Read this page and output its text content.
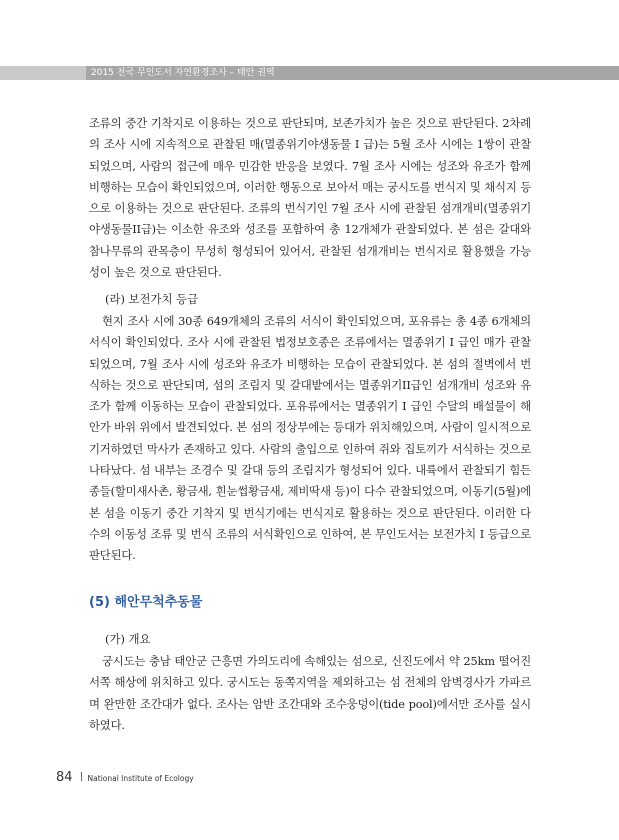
2015 전국 무인도서 자연환경조사 – 태안 권역

조류의 중간 기착지로 이용하는 것으로 판단되며, 보존가치가 높은 것으로 판단된다. 2차례의 조사 시에 지속적으로 관찰된 매(멸종위기야생동물 I 급)는 5월 조사 시에는 1쌍이 관찰되었으며, 사람의 접근에 매우 민감한 반응을 보였다. 7월 조사 시에는 성조와 유조가 함께 비행하는 모습이 확인되었으며, 이러한 행동으로 보아서 매는 궁시도를 번식지 및 채식지 등으로 이용하는 것으로 판단된다. 조류의 번식기인 7월 조사 시에 관찰된 섬개개비(멸종위기야생동물II급)는 이소한 유조와 성조를 포함하여 총 12개체가 관찰되었다. 본 섬은 갈대와 참나무류의 관목층이 무성히 형성되어 있어서, 관찰된 섬개개비는 번식지로 활용했을 가능성이 높은 것으로 판단된다.

(라) 보전가치 등급

현지 조사 시에 30종 649개체의 조류의 서식이 확인되었으며, 포유류는 총 4종 6개체의 서식이 확인되었다. 조사 시에 관찰된 법정보호종은 조류에서는 멸종위기 I 급인 매가 관찰되었으며, 7월 조사 시에 성조와 유조가 비행하는 모습이 관찰되었다. 본 섬의 절벽에서 번식하는 것으로 판단되며, 섬의 조림지 및 갈대밭에서는 멸종위기II급인 섬개개비 성조와 유조가 함께 이동하는 모습이 관찰되었다. 포유류에서는 멸종위기 I 급인 수달의 배설물이 해안가 바위 위에서 발견되었다. 본 섬의 정상부에는 등대가 위치해있으며, 사람이 일시적으로 기거하였던 막사가 존재하고 있다. 사람의 출입으로 인하여 쥐와 집토끼가 서식하는 것으로 나타났다. 섬 내부는 조경수 및 갈대 등의 조림지가 형성되어 있다. 내륙에서 관찰되기 힘든 종들(할미새사촌, 황금새, 흰눈썹황금새, 제비딱새 등)이 다수 관찰되었으며, 이동기(5월)에 본 섬을 이동기 중간 기착지 및 번식기에는 번식지로 활용하는 것으로 판단된다. 이러한 다수의 이동성 조류 및 번식 조류의 서식확인으로 인하여, 본 무인도서는 보전가치 I 등급으로 판단된다.

(5) 해안무척추동물

(가) 개요

궁시도는 충남 태안군 근흥면 가의도리에 속해있는 섬으로, 신진도에서 약 25km 떨어진 서쪽 해상에 위치하고 있다. 궁시도는 동쪽지역을 제외하고는 섬 전체의 암벽경사가 가파르며 완만한 조간대가 없다. 조사는 암반 조간대와 조수웅덩이(tide pool)에서만 조사를 실시하였다.

84 National Institute of Ecology
